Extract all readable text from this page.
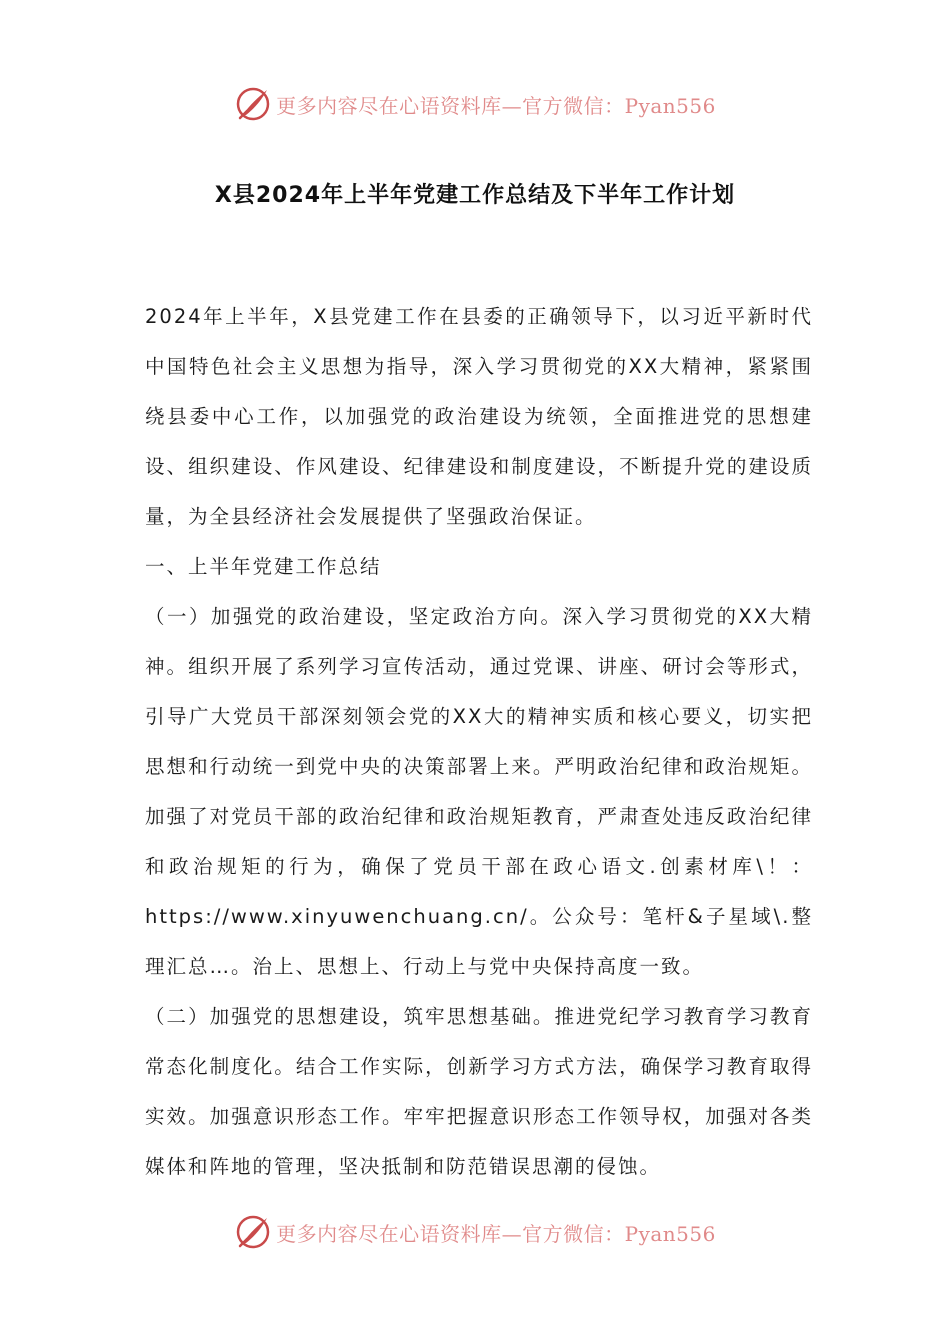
更多内容尽在心语资料库—官方微信：Pyan556
X县2024年上半年党建工作总结及下半年工作计划

2024年上半年，X县党建工作在县委的正确领导下，以习近平新时代中国特色社会主义思想为指导，深入学习贯彻党的XX大精神，紧紧围绕县委中心工作，以加强党的政治建设为统领，全面推进党的思想建设、组织建设、作风建设、纪律建设和制度建设，不断提升党的建设质量，为全县经济社会发展提供了坚强政治保证。

一、上半年党建工作总结

（一）加强党的政治建设，坚定政治方向。深入学习贯彻党的XX大精神。组织开展了系列学习宣传活动，通过党课、讲座、研讨会等形式，引导广大党员干部深刻领会党的XX大的精神实质和核心要义，切实把思想和行动统一到党中央的决策部署上来。严明政治纪律和政治规矩。加强了对党员干部的政治纪律和政治规矩教育，严肃查处违反政治纪律和政治规矩的行为，确保了党员干部在政心语文.创素材库\！：https://www.xinyuwenchuang.cn/。公众号：笔杆&子星域\.整理汇总…。治上、思想上、行动上与党中央保持高度一致。

（二）加强党的思想建设，筑牢思想基础。推进党纪学习教育学习教育常态化制度化。结合工作实际，创新学习方式方法，确保学习教育取得实效。加强意识形态工作。牢牢把握意识形态工作领导权，加强对各类媒体和阵地的管理，坚决抵制和防范错误思潮的侵蚀。

更多内容尽在心语资料库—官方微信：Pyan556
